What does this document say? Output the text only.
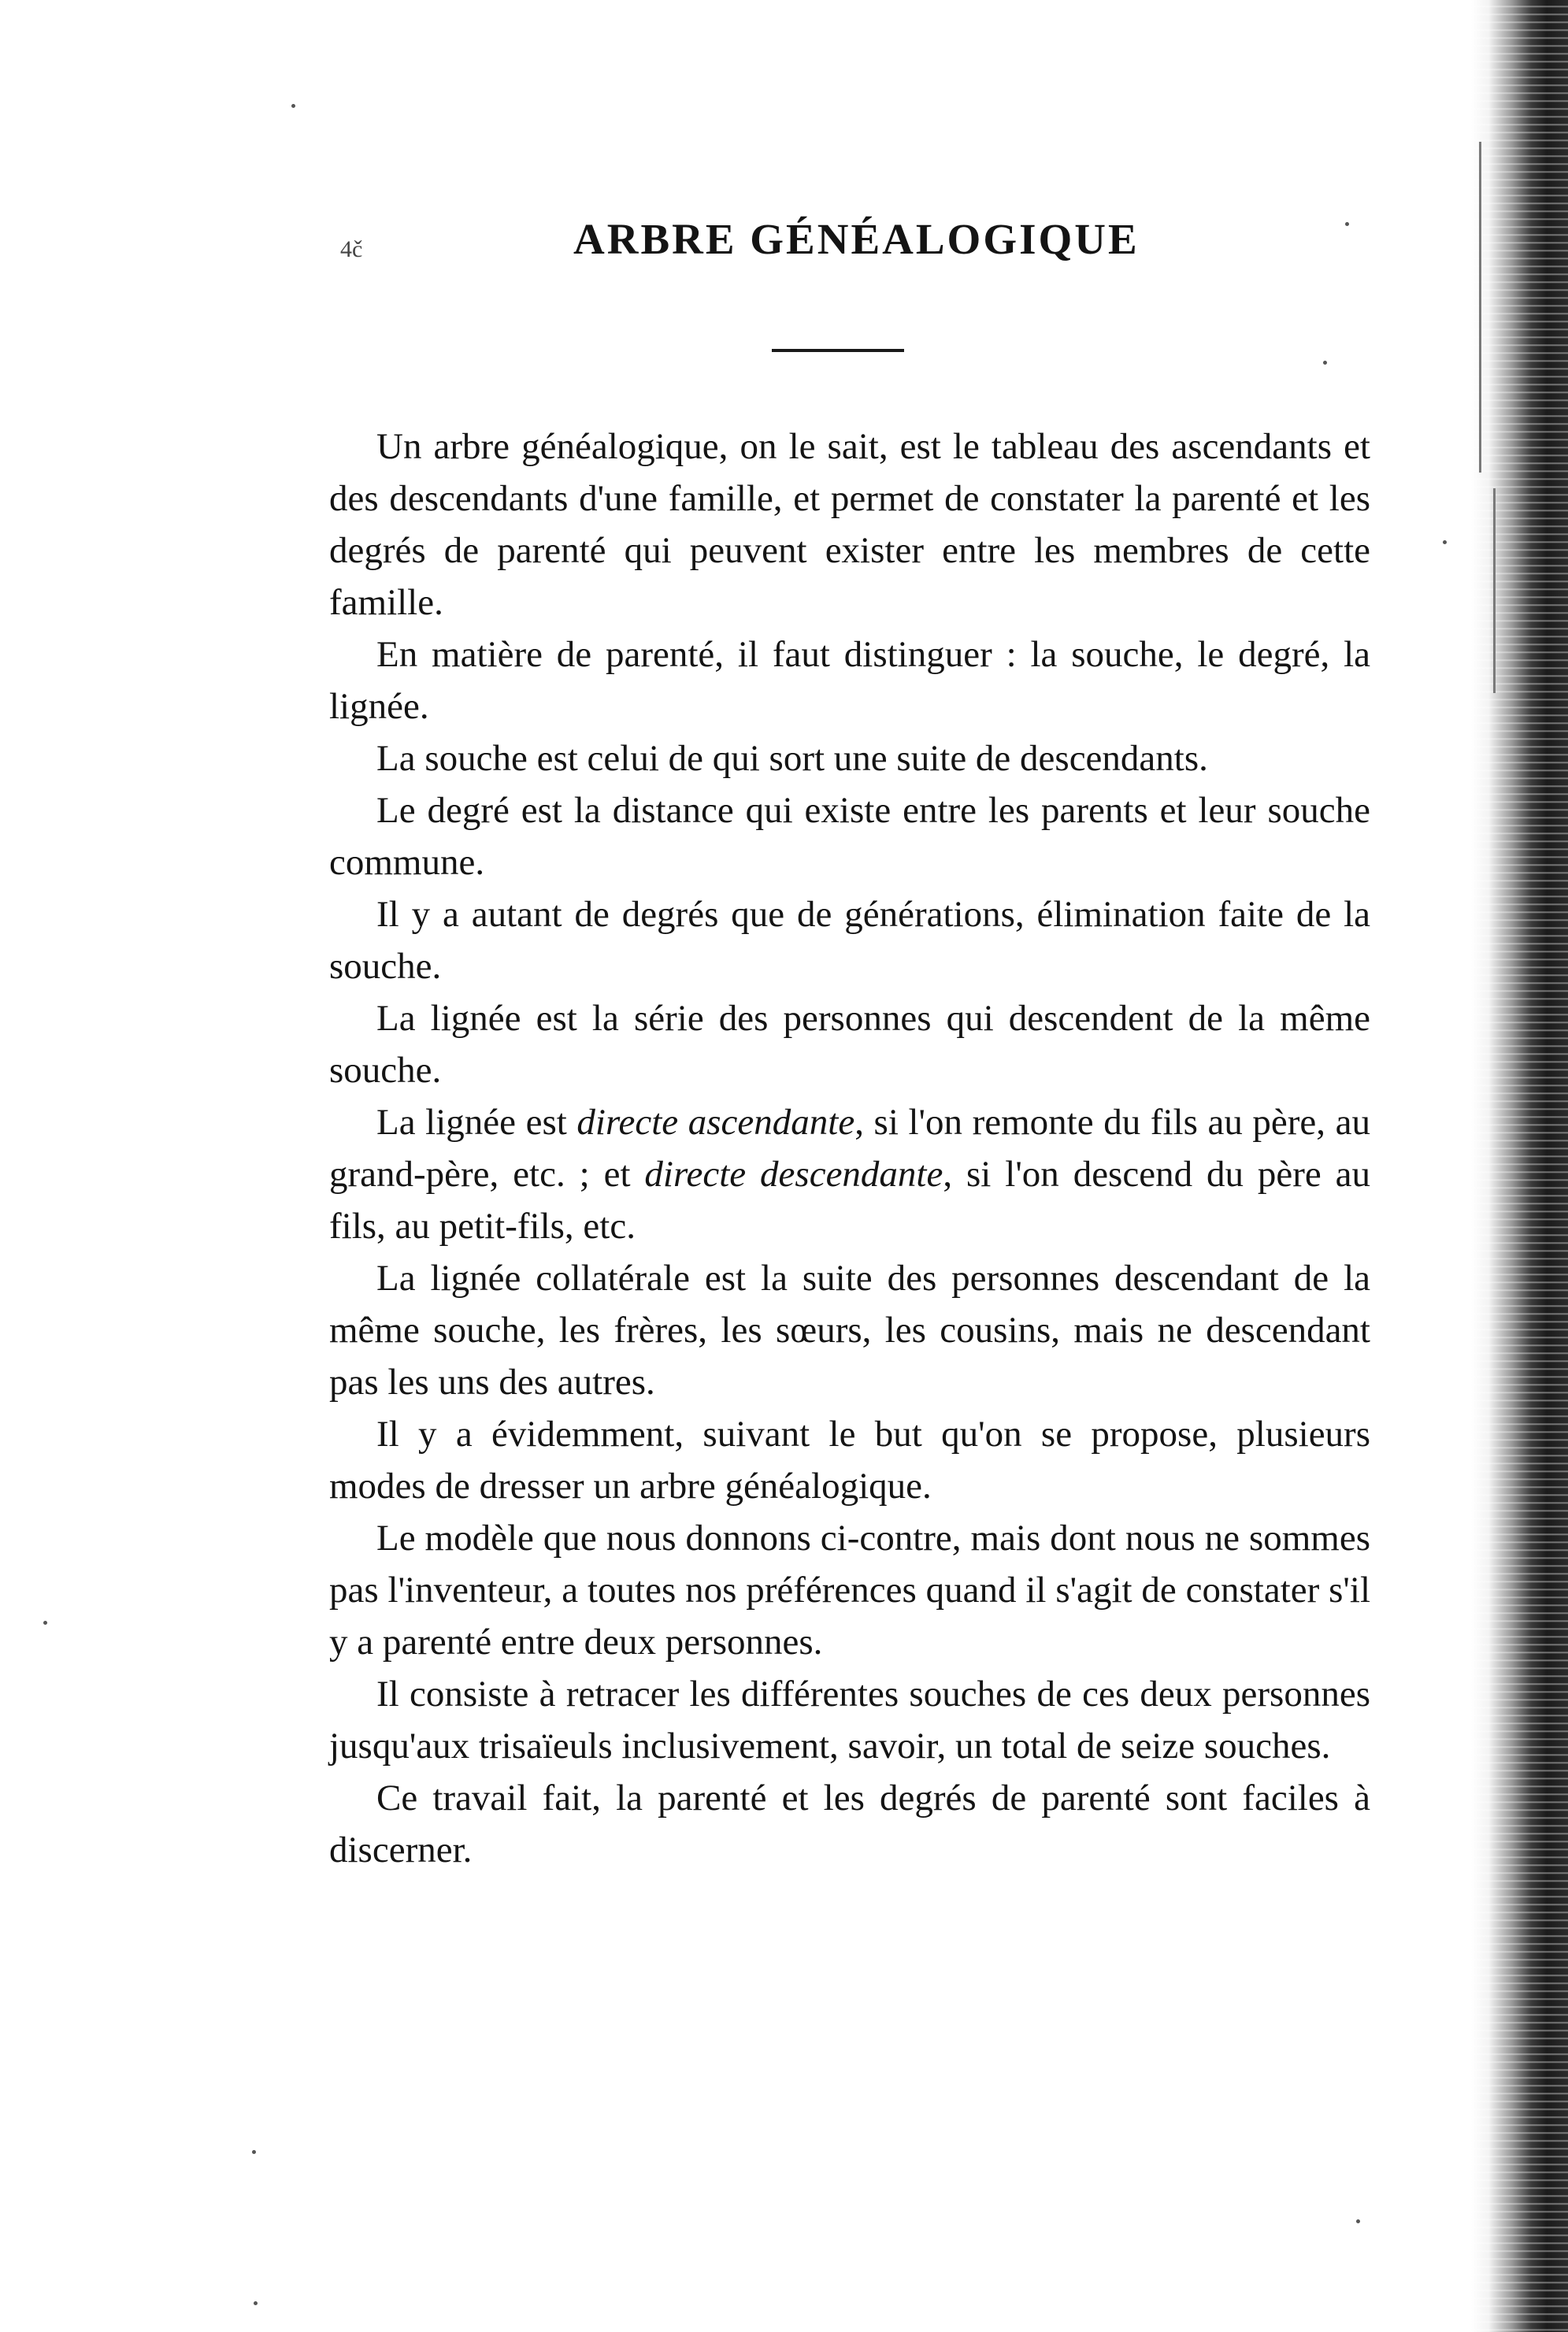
4č	ARBRE GÉNÉALOGIQUE

Un arbre généalogique, on le sait, est le tableau des ascendants et des descendants d'une famille, et permet de constater la parenté et les degrés de parenté qui peuvent exister entre les membres de cette famille.

En matière de parenté, il faut distinguer : la souche, le degré, la lignée.

La souche est celui de qui sort une suite de descendants.

Le degré est la distance qui existe entre les parents et leur souche commune.

Il y a autant de degrés que de générations, élimination faite de la souche.

La lignée est la série des personnes qui descendent de la même souche.

La lignée est directe ascendante, si l'on remonte du fils au père, au grand-père, etc. ; et directe descendante, si l'on descend du père au fils, au petit-fils, etc.

La lignée collatérale est la suite des personnes descendant de la même souche, les frères, les sœurs, les cousins, mais ne descendant pas les uns des autres.

Il y a évidemment, suivant le but qu'on se propose, plusieurs modes de dresser un arbre généalogique.

Le modèle que nous donnons ci-contre, mais dont nous ne sommes pas l'inventeur, a toutes nos préférences quand il s'agit de constater s'il y a parenté entre deux personnes.

Il consiste à retracer les différentes souches de ces deux personnes jusqu'aux trisaïeuls inclusivement, savoir, un total de seize souches.

Ce travail fait, la parenté et les degrés de parenté sont faciles à discerner.
